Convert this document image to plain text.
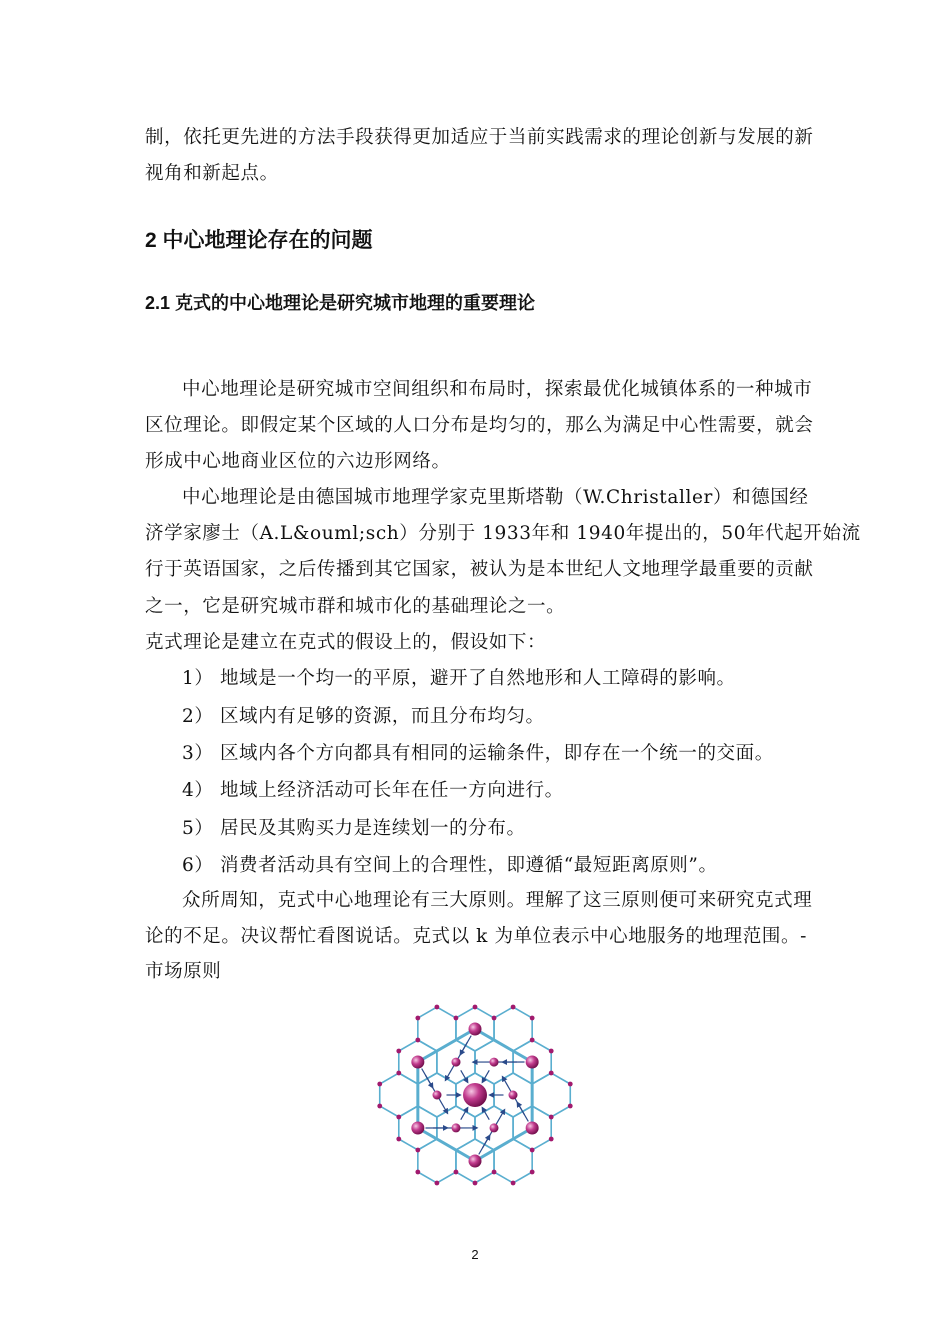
制，依托更先进的方法手段获得更加适应于当前实践需求的理论创新与发展的新
视角和新起点。
2 中心地理论存在的问题
2.1 克式的中心地理论是研究城市地理的重要理论
中心地理论是研究城市空间组织和布局时，探索最优化城镇体系的一种城市
区位理论。即假定某个区域的人口分布是均匀的，那么为满足中心性需要，就会
形成中心地商业区位的六边形网络。
中心地理论是由德国城市地理学家克里斯塔勒（W.Christaller）和德国经
济学家廖士（A.L&ouml;sch）分别于 1933年和 1940年提出的，50年代起开始流
行于英语国家，之后传播到其它国家，被认为是本世纪人文地理学最重要的贡献
之一，它是研究城市群和城市化的基础理论之一。
克式理论是建立在克式的假设上的，假设如下：
1） 地域是一个均一的平原，避开了自然地形和人工障碍的影响。
2） 区域内有足够的资源，而且分布均匀。
3） 区域内各个方向都具有相同的运输条件，即存在一个统一的交面。
4） 地域上经济活动可长年在任一方向进行。
5） 居民及其购买力是连续划一的分布。
6） 消费者活动具有空间上的合理性，即遵循“最短距离原则”。
众所周知，克式中心地理论有三大原则。理解了这三原则便可来研究克式理
论的不足。决议帮忙看图说话。克式以 k 为单位表示中心地服务的地理范围。-
市场原则
2
